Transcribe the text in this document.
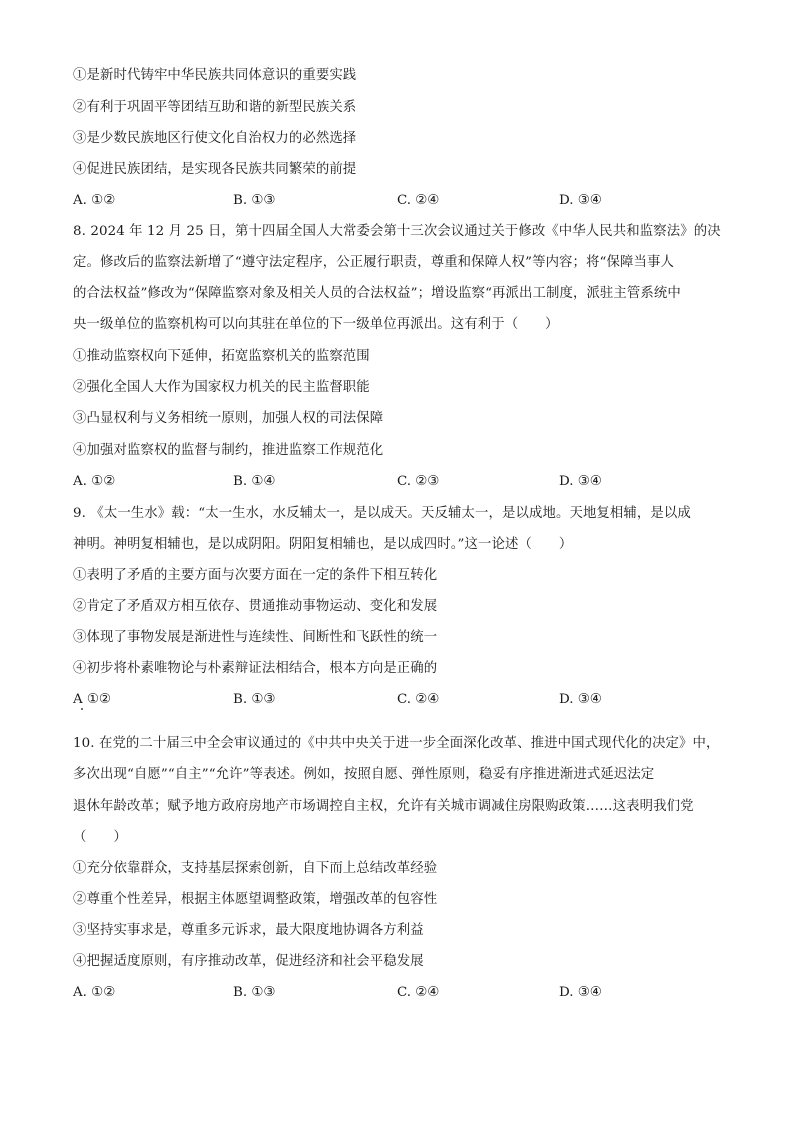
①是新时代铸牢中华民族共同体意识的重要实践
②有利于巩固平等团结互助和谐的新型民族关系
③是少数民族地区行使文化自治权力的必然选择
④促进民族团结，是实现各民族共同繁荣的前提
A. ①②	B. ①③	C. ②④	D. ③④
8. 2024 年 12 月 25 日，第十四届全国人大常委会第十三次会议通过关于修改《中华人民共和监察法》的决
定。修改后的监察法新增了“遵守法定程序，公正履行职责，尊重和保障人权”等内容；将“保障当事人
的合法权益”修改为“保障监察对象及相关人员的合法权益”；增设监察“再派出工制度，派驻主管系统中
央一级单位的监察机构可以向其驻在单位的下一级单位再派出。这有利于（　　）
①推动监察权向下延伸，拓宽监察机关的监察范围
②强化全国人大作为国家权力机关的民主监督职能
③凸显权利与义务相统一原则，加强人权的司法保障
④加强对监察权的监督与制约，推进监察工作规范化
A. ①②	B. ①④	C. ②③	D. ③④
9. 《太一生水》载：“太一生水，水反辅太一，是以成天。天反辅太一，是以成地。天地复相辅，是以成
神明。神明复相辅也，是以成阴阳。阴阳复相辅也，是以成四时。”这一论述（　　）
①表明了矛盾的主要方面与次要方面在一定的条件下相互转化
②肯定了矛盾双方相互依存、贯通推动事物运动、变化和发展
③体现了事物发展是渐进性与连续性、间断性和飞跃性的统一
④初步将朴素唯物论与朴素辩证法相结合，根本方向是正确的
A ①②	B. ①③	C. ②④	D. ③④
10. 在党的二十届三中全会审议通过的《中共中央关于进一步全面深化改革、推进中国式现代化的决定》中，
多次出现“自愿”“自主”“允许”等表述。例如，按照自愿、弹性原则，稳妥有序推进渐进式延迟法定
退休年龄改革；赋予地方政府房地产市场调控自主权，允许有关城市调减住房限购政策……这表明我们党
（　　）
①充分依靠群众，支持基层探索创新，自下而上总结改革经验
②尊重个性差异，根据主体愿望调整政策，增强改革的包容性
③坚持实事求是，尊重多元诉求，最大限度地协调各方利益
④把握适度原则，有序推动改革，促进经济和社会平稳发展
A. ①②	B. ①③	C. ②④	D. ③④
